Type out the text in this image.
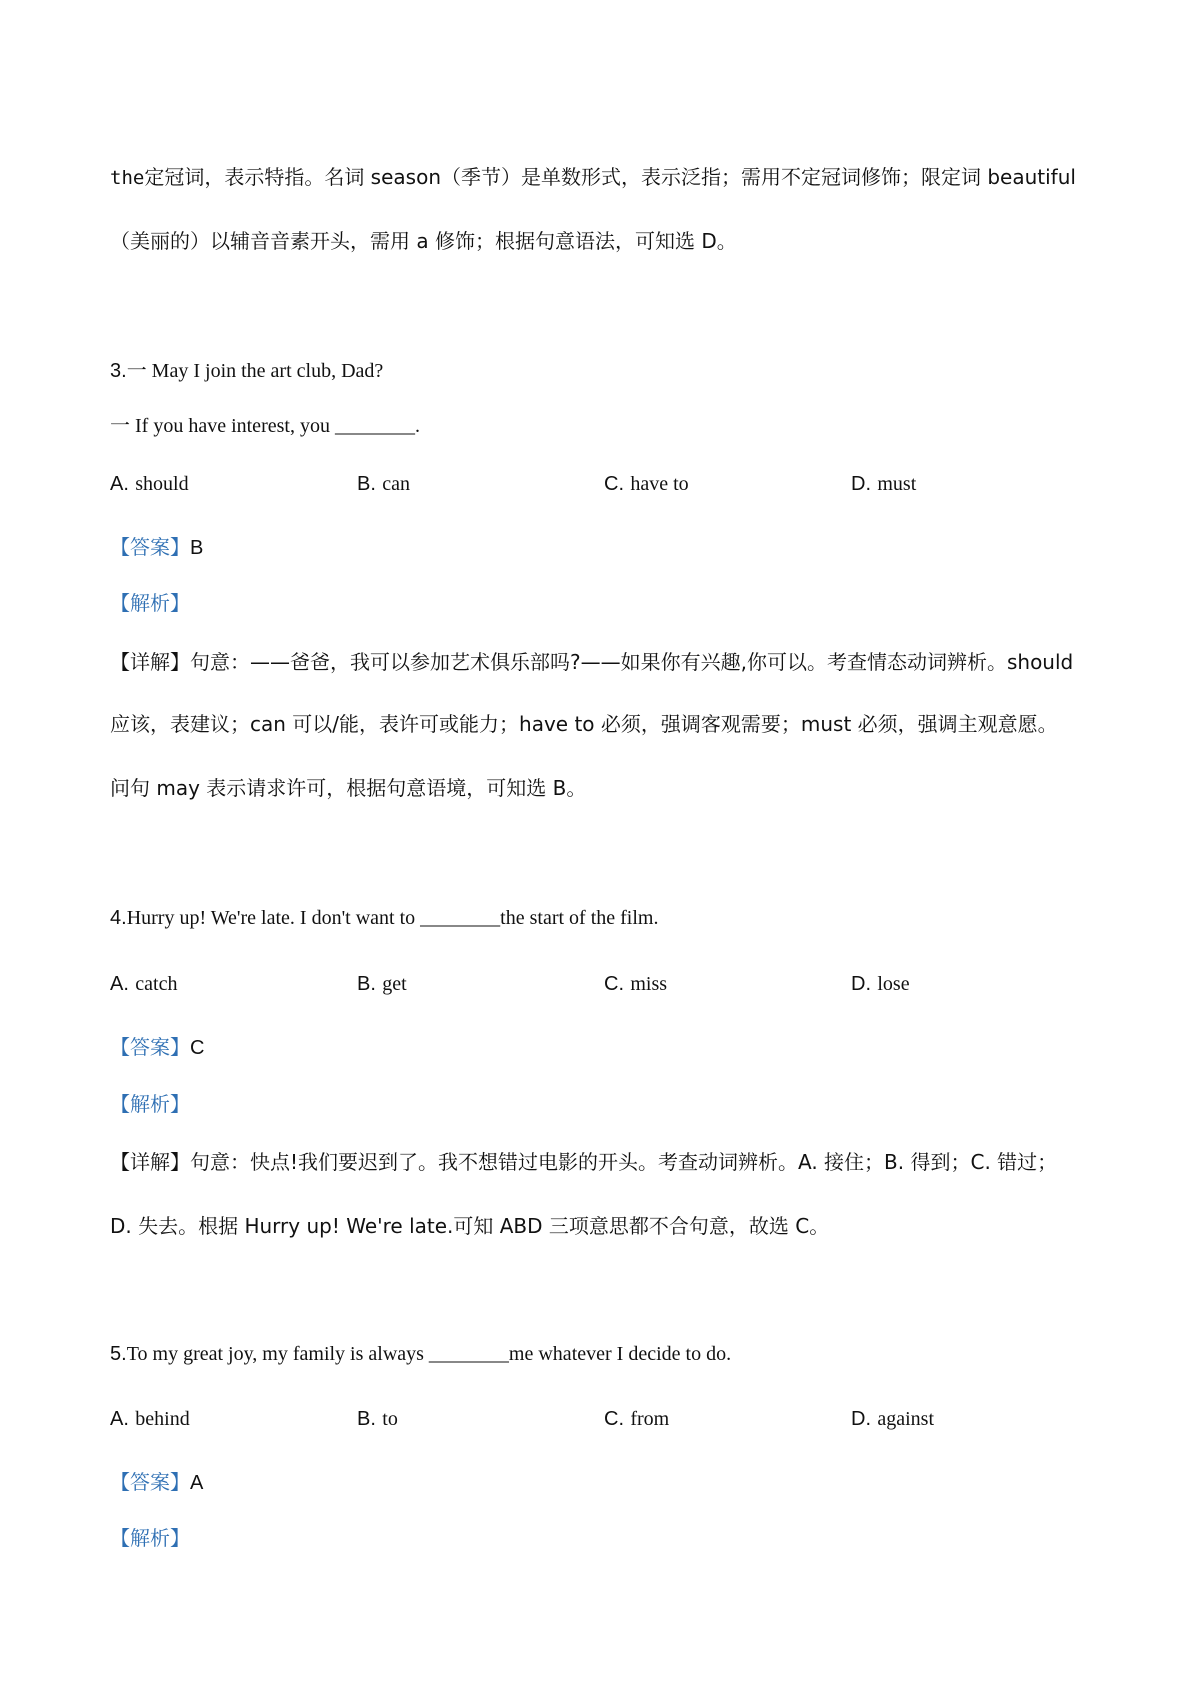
the定冠词，表示特指。名词 season（季节）是单数形式，表示泛指；需用不定冠词修饰；限定词 beautiful
（美丽的）以辅音音素开头，需用 a 修饰；根据句意语法，可知选 D。
3.一 May I join the art club, Dad?
一 If you have interest, you ________.
A. should	B. can	C. have to	D. must
【答案】B
【解析】
【详解】句意：——爸爸，我可以参加艺术俱乐部吗?——如果你有兴趣,你可以。考查情态动词辨析。should
应该，表建议；can 可以/能，表许可或能力；have to 必须，强调客观需要；must 必须，强调主观意愿。
问句 may 表示请求许可，根据句意语境，可知选 B。
4.Hurry up! We're late. I don't want to ________the start of the film.
A. catch	B. get	C. miss	D. lose
【答案】C
【解析】
【详解】句意：快点!我们要迟到了。我不想错过电影的开头。考查动词辨析。A. 接住；B. 得到；C. 错过；
D. 失去。根据 Hurry up! We're late.可知 ABD 三项意思都不合句意，故选 C。
5.To my great joy, my family is always ________me whatever I decide to do.
A. behind	B. to	C. from	D. against
【答案】A
【解析】
